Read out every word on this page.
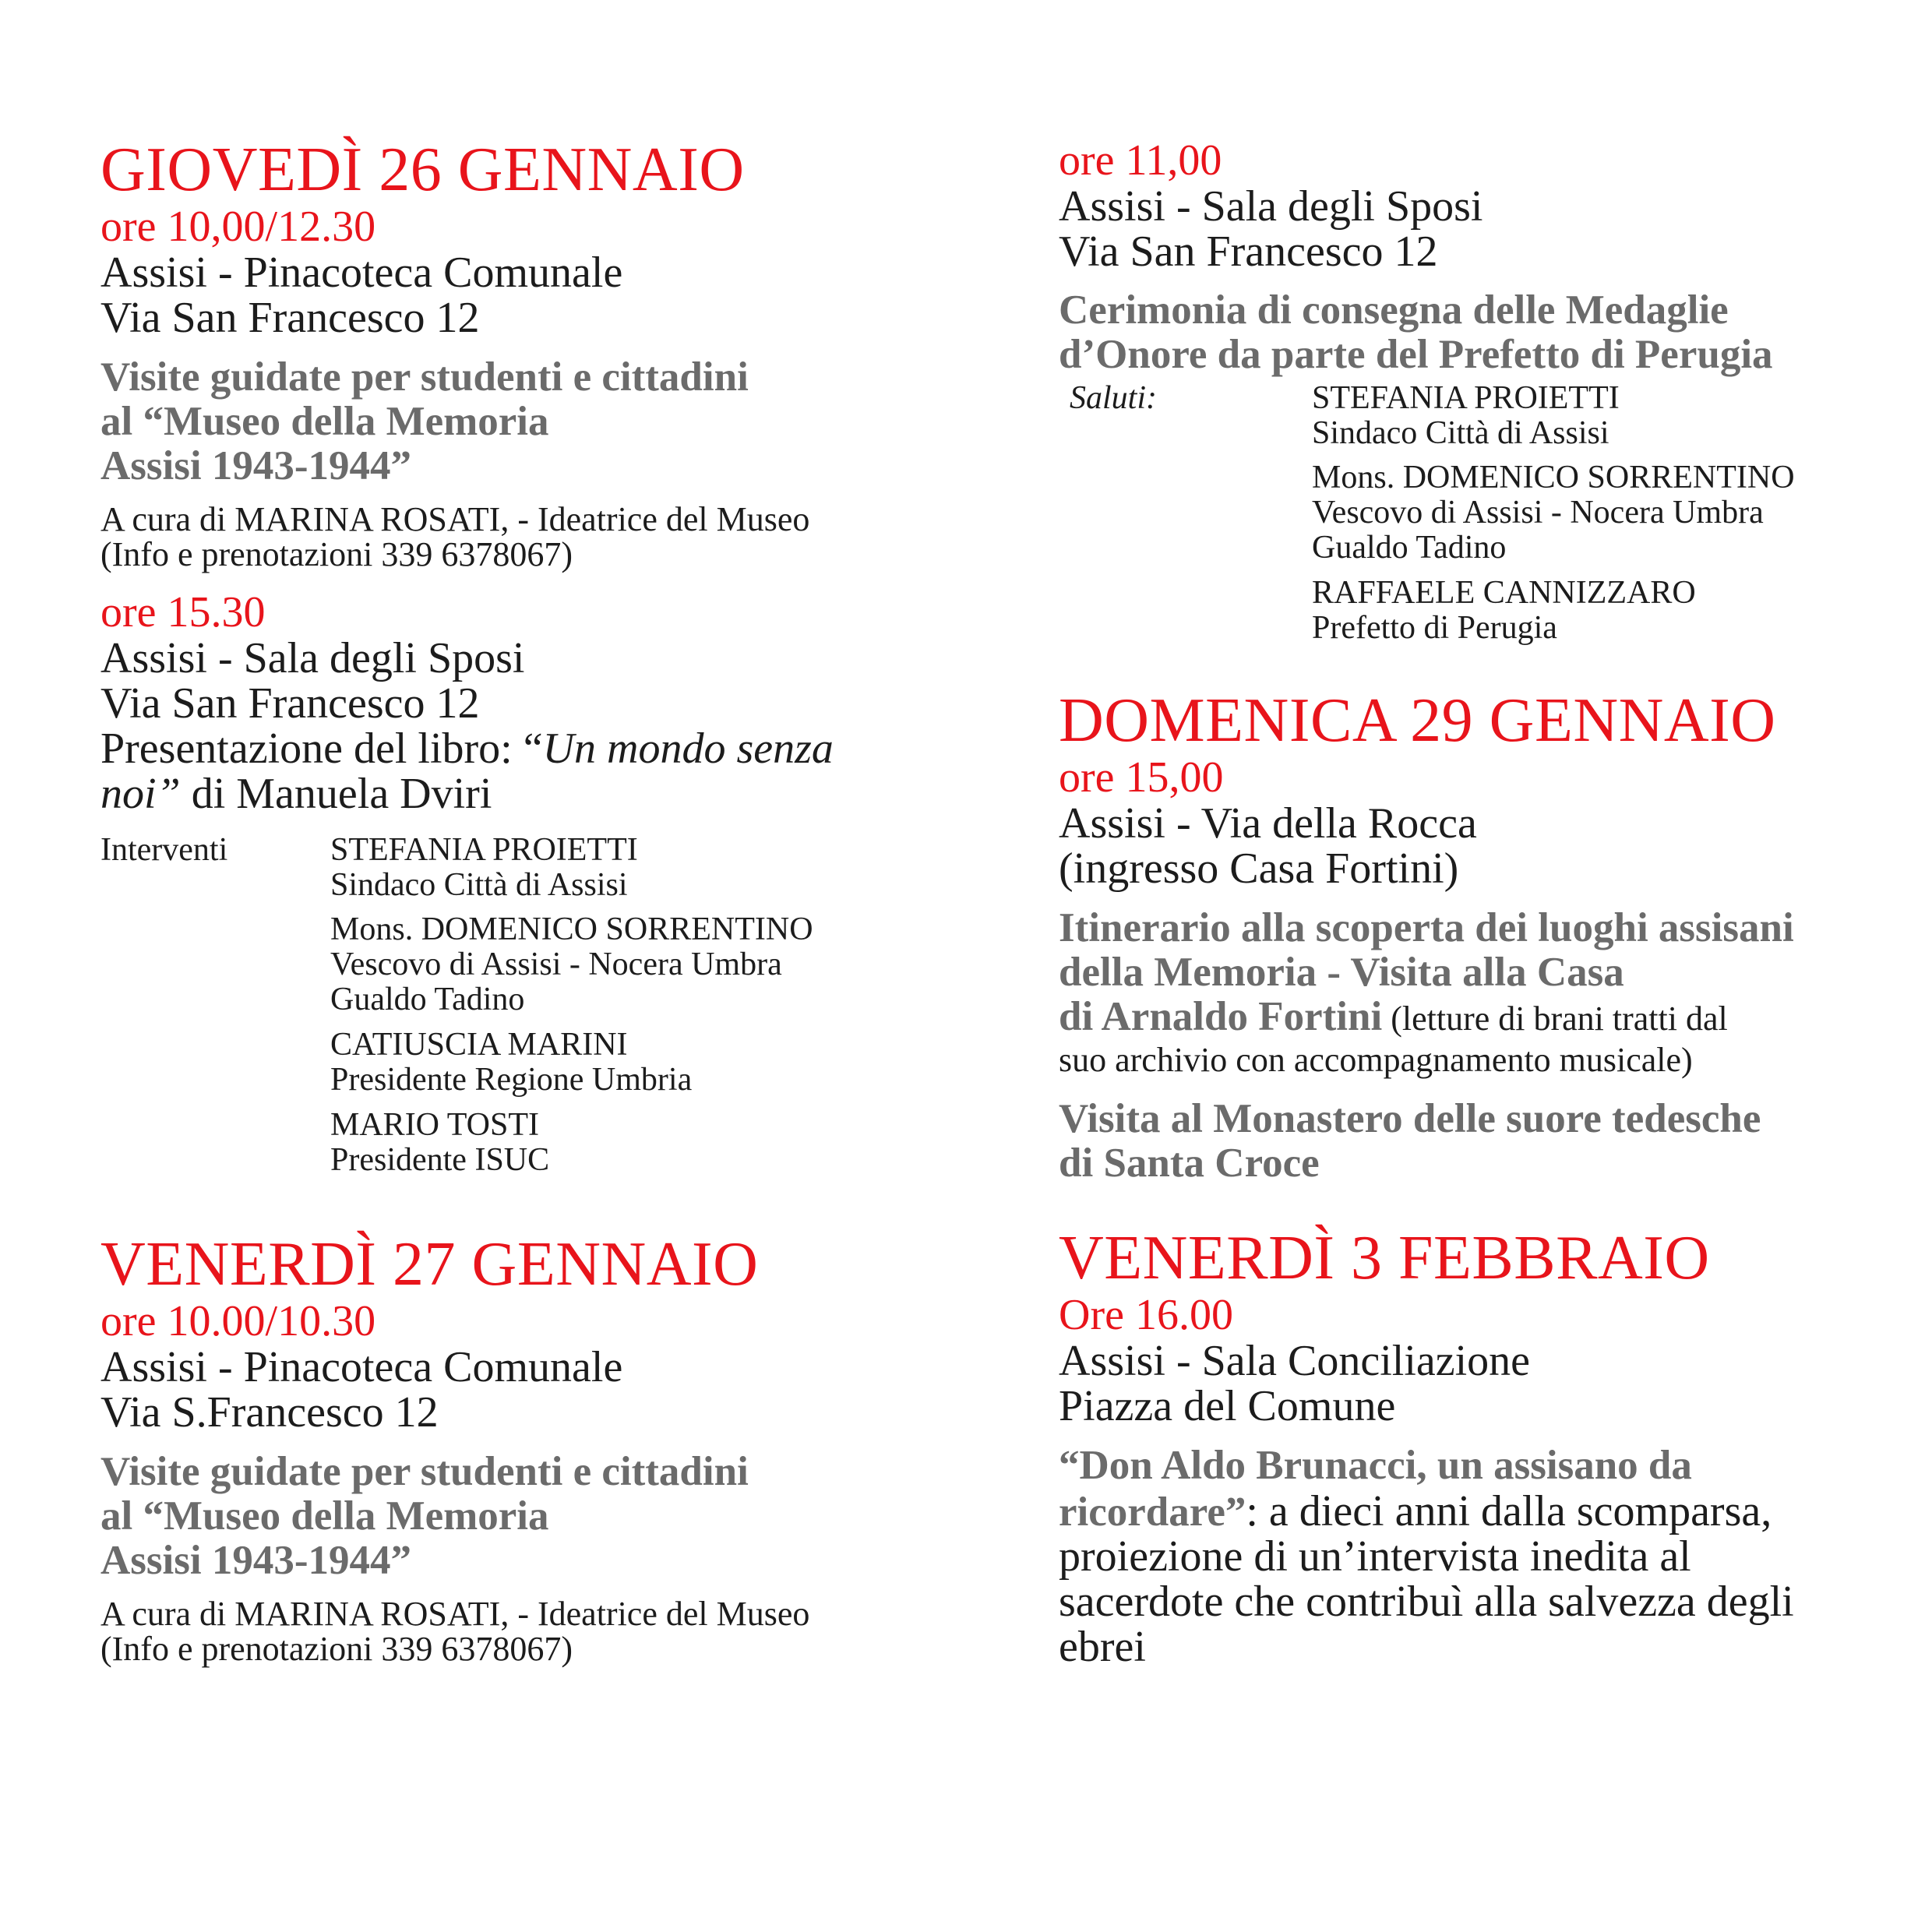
GIOVEDÌ 26 GENNAIO
ore 10,00/12.30
Assisi - Pinacoteca Comunale
Via San Francesco 12
Visite guidate per studenti e cittadini
al “Museo della Memoria
Assisi 1943-1944”
A cura di MARINA ROSATI, - Ideatrice del Museo
(Info e prenotazioni 339 6378067)
ore 15.30
Assisi - Sala degli Sposi
Via San Francesco 12
Presentazione del libro: “Un mondo senza
noi” di Manuela Dviri
Interventi	STEFANIA PROIETTI
Sindaco Città di Assisi
Mons. DOMENICO SORRENTINO
Vescovo di Assisi - Nocera Umbra
Gualdo Tadino
CATIUSCIA MARINI
Presidente Regione Umbria
MARIO TOSTI
Presidente ISUC
VENERDÌ 27 GENNAIO
ore 10.00/10.30
Assisi - Pinacoteca Comunale
Via S.Francesco 12
Visite guidate per studenti e cittadini
al “Museo della Memoria
Assisi 1943-1944”
A cura di MARINA ROSATI, - Ideatrice del Museo
(Info e prenotazioni 339 6378067)
ore 11,00
Assisi - Sala degli Sposi
Via San Francesco 12
Cerimonia di consegna delle Medaglie
d’Onore da parte del Prefetto di Perugia
Saluti:	STEFANIA PROIETTI
Sindaco Città di Assisi
Mons. DOMENICO SORRENTINO
Vescovo di Assisi - Nocera Umbra
Gualdo Tadino
RAFFAELE CANNIZZARO
Prefetto di Perugia
DOMENICA 29 GENNAIO
ore 15,00
Assisi - Via della Rocca
(ingresso Casa Fortini)
Itinerario alla scoperta dei luoghi assisani
della Memoria - Visita alla Casa
di Arnaldo Fortini (letture di brani tratti dal
suo archivio con accompagnamento musicale)
Visita al Monastero delle suore tedesche
di Santa Croce
VENERDÌ 3 FEBBRAIO
Ore 16.00
Assisi - Sala Conciliazione
Piazza del Comune
“Don Aldo Brunacci, un assisano da
ricordare”: a dieci anni dalla scomparsa,
proiezione di un’intervista inedita al
sacerdote che contribuì alla salvezza degli
ebrei
